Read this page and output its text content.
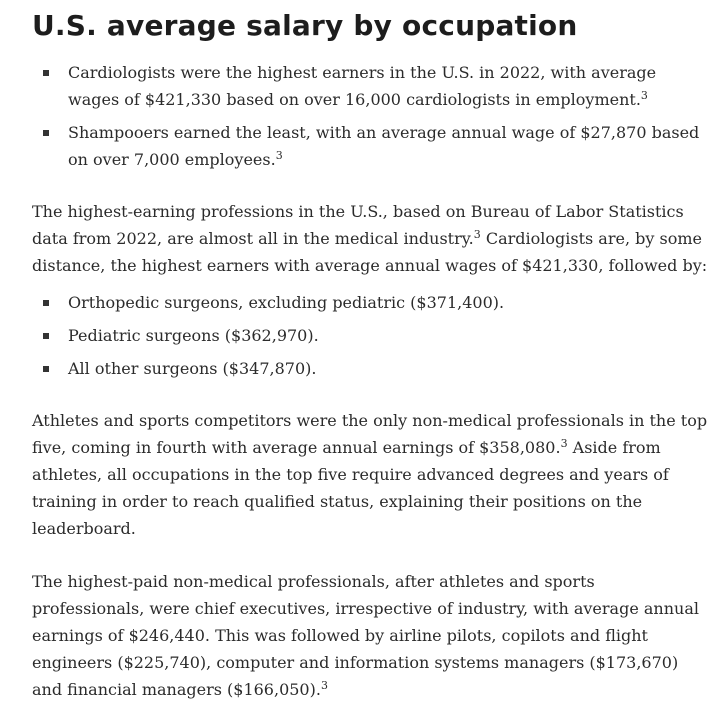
U.S. average salary by occupation
Cardiologists were the highest earners in the U.S. in 2022, with average wages of $421,330 based on over 16,000 cardiologists in employment.$^3$
Shampooers earned the least, with an average annual wage of $27,870 based on over 7,000 employees.$^3$

The highest-earning professions in the U.S., based on Bureau of Labor Statistics data from 2022, are almost all in the medical industry.$^3$ Cardiologists are, by some distance, the highest earners with average annual wages of $421,330, followed by:

Orthopedic surgeons, excluding pediatric ($371,400).
Pediatric surgeons ($362,970).
All other surgeons ($347,870).

Athletes and sports competitors were the only non-medical professionals in the top five, coming in fourth with average annual earnings of $358,080.$^3$ Aside from athletes, all occupations in the top five require advanced degrees and years of training in order to reach qualified status, explaining their positions on the leaderboard.

The highest-paid non-medical professionals, after athletes and sports professionals, were chief executives, irrespective of industry, with average annual earnings of $246,440. This was followed by airline pilots, copilots and flight engineers ($225,740), computer and information systems managers ($173,670) and financial managers ($166,050).$^3$
